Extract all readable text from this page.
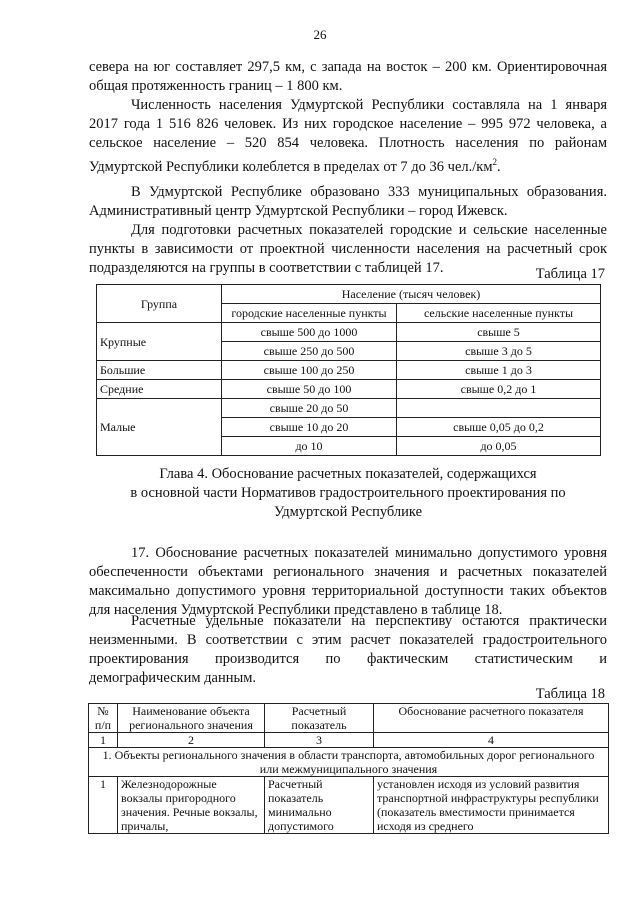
26
севера на юг составляет 297,5 км, с запада на восток – 200 км. Ориентировочная общая протяженность границ – 1 800 км.
Численность населения Удмуртской Республики составляла на 1 января 2017 года 1 516 826 человек. Из них городское население – 995 972 человека, а сельское население – 520 854 человека. Плотность населения по районам Удмуртской Республики колеблется в пределах от 7 до 36 $чел./км^2$.
В Удмуртской Республике образовано 333 муниципальных образования. Административный центр Удмуртской Республики – город Ижевск.
Для подготовки расчетных показателей городские и сельские населенные пункты в зависимости от проектной численности населения на расчетный срок подразделяются на группы в соответствии с таблицей 17.	Таблица 17
Группа	Население (тысяч человек)	
	городские населенные пункты	сельские населенные пункты
Крупные	свыше 500 до 1000	свыше 5
	свыше 250 до 500	свыше 3 до 5
Большие	свыше 100 до 250	свыше 1 до 3
Средние	свыше 50 до 100	свыше 0,2 до 1
Малые	свыше 20 до 50	
	свыше 10 до 20	свыше 0,05 до 0,2
	до 10	до 0,05
Глава 4. Обоснование расчетных показателей, содержащихся
в основной части Нормативов градостроительного проектирования по
Удмуртской Республике
17. Обоснование расчетных показателей минимально допустимого уровня обеспеченности объектами регионального значения и расчетных показателей максимально допустимого уровня территориальной доступности таких объектов для населения Удмуртской Республики представлено в таблице 18.
Расчетные удельные показатели на перспективу остаются практически неизменными. В соответствии с этим расчет показателей градостроительного проектирования производится по фактическим статистическим и демографическим данным.
Таблица 18
№ п/п	Наименование объекта регионального значения	Расчетный показатель	Обоснование расчетного показателя
1	2	3	4
1. Объекты регионального значения в области транспорта, автомобильных дорог регионального или межмуниципального значения			
1	Железнодорожные вокзалы пригородного значения. Речные вокзалы, причалы,	Расчетный показатель минимально допустимого	установлен исходя из условий развития транспортной инфраструктуры республики (показатель вместимости принимается исходя из среднего
